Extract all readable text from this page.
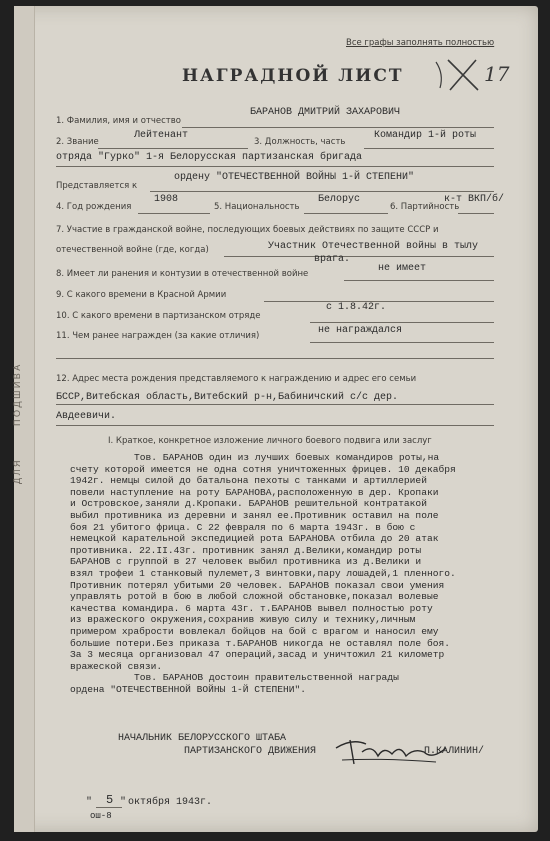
П О Д Ш И В А
Д Л Я
Все графы заполнять полностью
НАГРАДНОЙ ЛИСТ	17
1. Фамилия, имя и отчество
БАРАНОВ ДМИТРИЙ ЗАХАРОВИЧ
2. Звание
Лейтенант
3. Должность, часть
Командир 1-й роты
отряда "Гурко" 1-я Белорусская партизанская бригада
Представляется к
ордену "ОТЕЧЕСТВЕННОЙ ВОЙНЫ 1-Й СТЕПЕНИ"
4. Год рождения
1908
5. Национальность
Белорус
6. Партийность
к-т ВКП/б/
7. Участие в гражданской войне, последующих боевых действиях по защите СССР и
отечественной войне (где, когда)	Участник Отечественной войны в тылу
врага.
8. Имеет ли ранения и контузии в отечественной войне	не имеет
9. С какого времени в Красной Армии
10. С какого времени в партизанском отряде
с 1.8.42г.
11. Чем ранее награжден (за какие отличия)	не награждался
12. Адрес места рождения представляемого к награждению и адрес его семьи
БССР,Витебская область,Витебский р-н,Бабиничский с/с дер.
Авдеевичи.
I. Краткое, конкретное изложение личного боевого подвига или заслуг
Тов. БАРАНОВ один из лучших боевых командиров роты,на
счету которой имеется не одна сотня уничтоженных фрицев. 10 декабря
1942г. немцы силой до батальона пехоты с танками и артиллерией
повели наступление на роту БАРАНОВА,расположенную в дер. Кропаки
и Островское,заняли д.Кропаки. БАРАНОВ решительной контратакой
выбил противника из деревни и занял ее.Противник оставил на поле
боя 21 убитого фрица. С 22 февраля по 6 марта 1943г. в бою с
немецкой карательной экспедицией рота БАРАНОВА отбила до 20 атак
противника. 22.II.43г. противник занял д.Велики,командир роты
БАРАНОВ с группой в 27 человек выбил противника из д.Велики и
взял трофеи 1 станковый пулемет,3 винтовки,пару лошадей,1 пленного.
Противник потерял убитыми 20 человек. БАРАНОВ показал свои умения
управлять ротой в бою в любой сложной обстановке,показал волевые
качества командира. 6 марта 43г. т.БАРАНОВ вывел полностью роту
из вражеского окружения,сохранив живую силу и технику,личным
примером храбрости вовлекал бойцов на бой с врагом и наносил ему
большие потери.Без приказа т.БАРАНОВ никогда не оставлял поле боя.
За 3 месяца организовал 47 операций,засад и уничтожил 21 километр
вражеской связи.
Тов. БАРАНОВ достоин правительственной награды
ордена "ОТЕЧЕСТВЕННОЙ ВОЙНЫ 1-Й СТЕПЕНИ".
НАЧАЛЬНИК БЕЛОРУССКОГО ШТАБА
ПАРТИЗАНСКОГО ДВИЖЕНИЯ	П.КАЛИНИН/
" 5 " октября 1943г.
ош-8
